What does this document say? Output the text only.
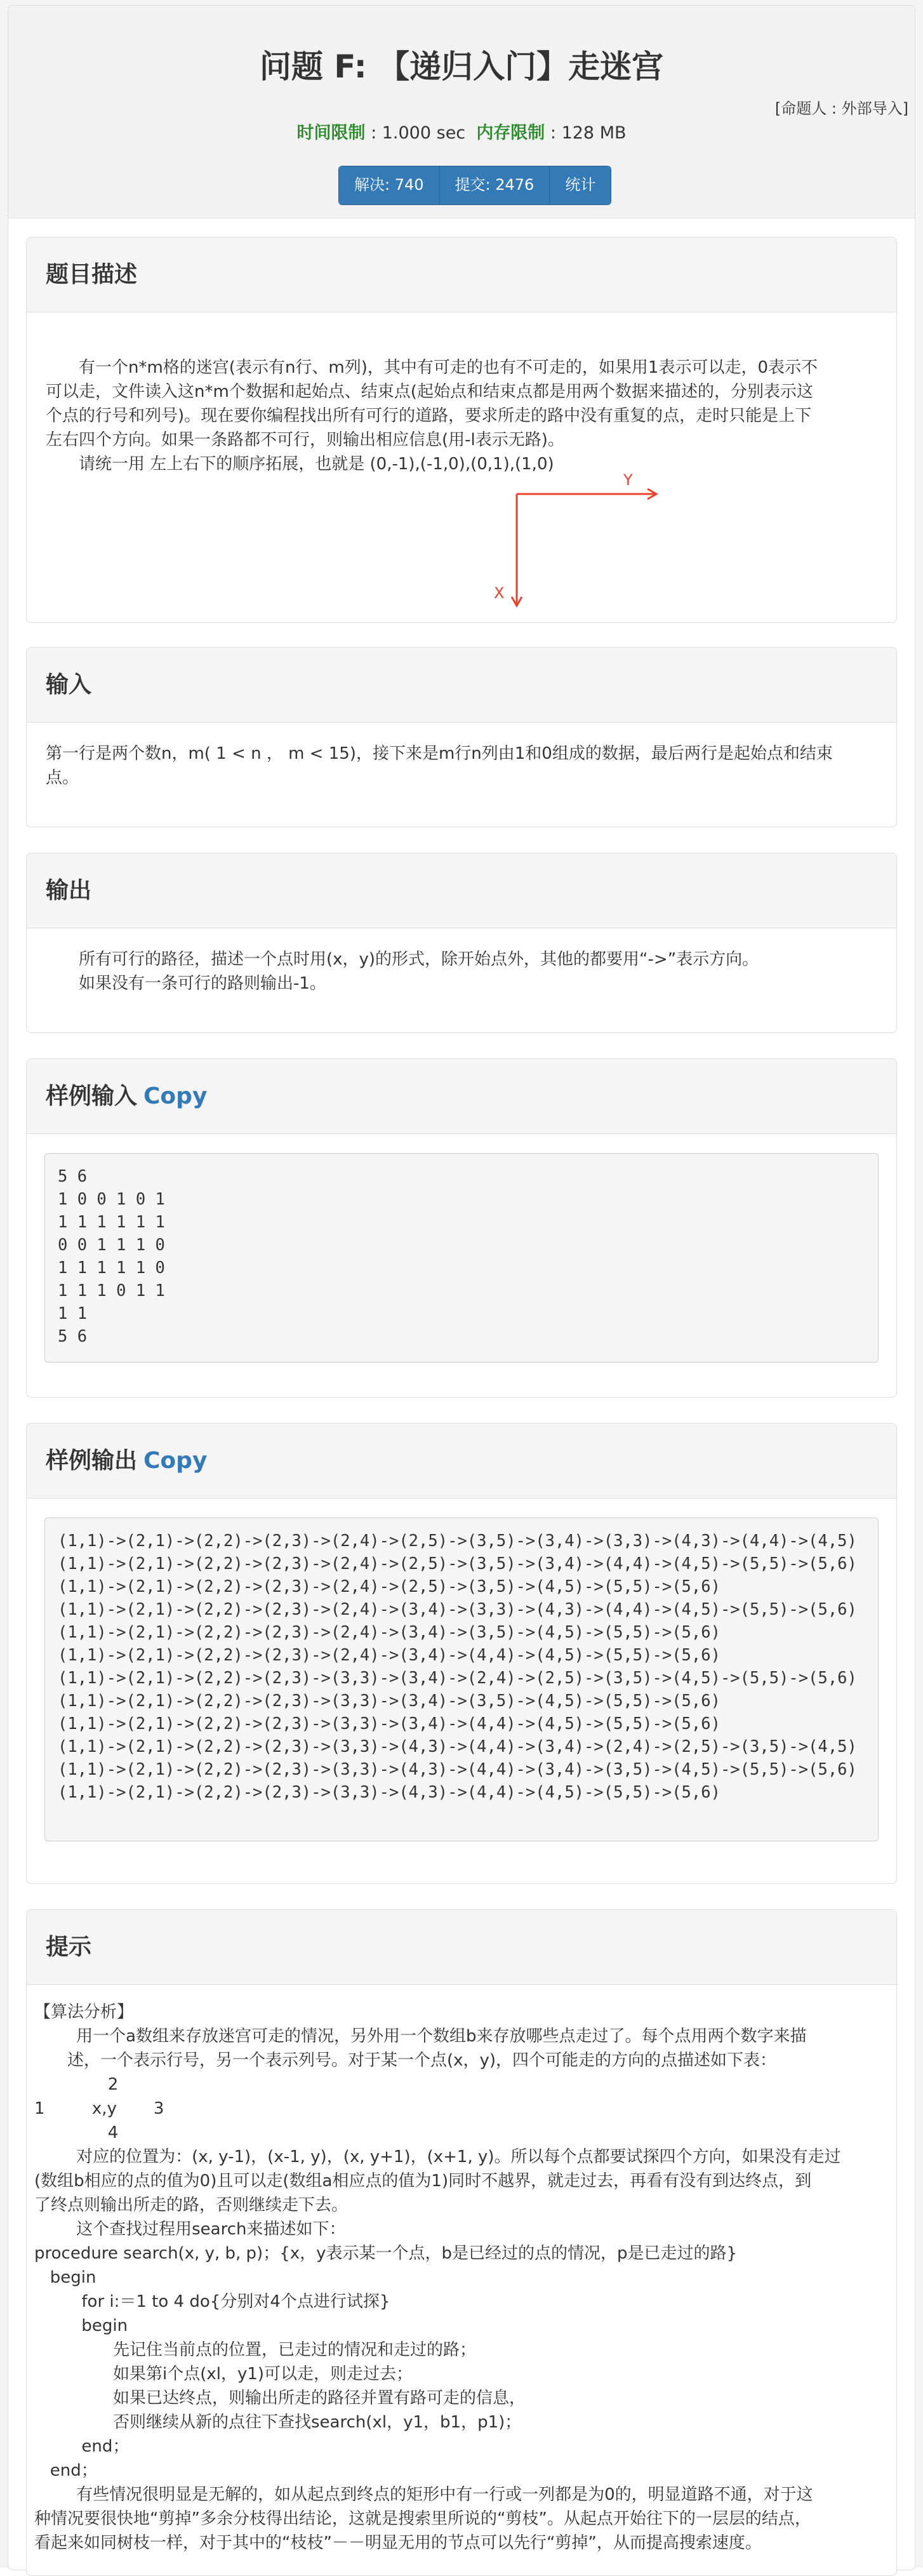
问题 F: 【递归入门】走迷宫
[命题人 : 外部导入]
时间限制 : 1.000 sec  内存限制 : 128 MB
解决: 740	提交: 2476	统计
题目描述
有一个n*m格的迷宫(表示有n行、m列)，其中有可走的也有不可走的，如果用1表示可以走，0表示不
可以走，文件读入这n*m个数据和起始点、结束点(起始点和结束点都是用两个数据来描述的，分别表示这
个点的行号和列号)。现在要你编程找出所有可行的道路，要求所走的路中没有重复的点，走时只能是上下
左右四个方向。如果一条路都不可行，则输出相应信息(用-l表示无路)。
请统一用 左上右下的顺序拓展，也就是 (0,-1),(-1,0),(0,1),(1,0)
Y
X
输入
第一行是两个数n，m( 1 < n ， m < 15)，接下来是m行n列由1和0组成的数据，最后两行是起始点和结束
点。
输出
所有可行的路径，描述一个点时用(x，y)的形式，除开始点外，其他的都要用“->”表示方向。
如果没有一条可行的路则输出-1。
样例输入 Copy
5 6
1 0 0 1 0 1
1 1 1 1 1 1
0 0 1 1 1 0
1 1 1 1 1 0
1 1 1 0 1 1
1 1
5 6
样例输出 Copy
(1,1)->(2,1)->(2,2)->(2,3)->(2,4)->(2,5)->(3,5)->(3,4)->(3,3)->(4,3)->(4,4)->(4,5)
(1,1)->(2,1)->(2,2)->(2,3)->(2,4)->(2,5)->(3,5)->(3,4)->(4,4)->(4,5)->(5,5)->(5,6)
(1,1)->(2,1)->(2,2)->(2,3)->(2,4)->(2,5)->(3,5)->(4,5)->(5,5)->(5,6)
(1,1)->(2,1)->(2,2)->(2,3)->(2,4)->(3,4)->(3,3)->(4,3)->(4,4)->(4,5)->(5,5)->(5,6)
(1,1)->(2,1)->(2,2)->(2,3)->(2,4)->(3,4)->(3,5)->(4,5)->(5,5)->(5,6)
(1,1)->(2,1)->(2,2)->(2,3)->(2,4)->(3,4)->(4,4)->(4,5)->(5,5)->(5,6)
(1,1)->(2,1)->(2,2)->(2,3)->(3,3)->(3,4)->(2,4)->(2,5)->(3,5)->(4,5)->(5,5)->(5,6)
(1,1)->(2,1)->(2,2)->(2,3)->(3,3)->(3,4)->(3,5)->(4,5)->(5,5)->(5,6)
(1,1)->(2,1)->(2,2)->(2,3)->(3,3)->(3,4)->(4,4)->(4,5)->(5,5)->(5,6)
(1,1)->(2,1)->(2,2)->(2,3)->(3,3)->(4,3)->(4,4)->(3,4)->(2,4)->(2,5)->(3,5)->(4,5)
(1,1)->(2,1)->(2,2)->(2,3)->(3,3)->(4,3)->(4,4)->(3,4)->(3,5)->(4,5)->(5,5)->(5,6)
(1,1)->(2,1)->(2,2)->(2,3)->(3,3)->(4,3)->(4,4)->(4,5)->(5,5)->(5,6)
提示
【算法分析】
用一个a数组来存放迷宫可走的情况，另外用一个数组b来存放哪些点走过了。每个点用两个数字来描
述，一个表示行号，另一个表示列号。对于某一个点(x，y)，四个可能走的方向的点描述如下表：
2
1         x,y       3
4
对应的位置为：(x, y-1)，(x-1, y)，(x, y+1)，(x+1, y)。所以每个点都要试探四个方向，如果没有走过
(数组b相应的点的值为0)且可以走(数组a相应点的值为1)同时不越界，就走过去，再看有没有到达终点，到
了终点则输出所走的路，否则继续走下去。
这个查找过程用search来描述如下：
procedure search(x, y, b, p)；{x，y表示某一个点，b是已经过的点的情况，p是已走过的路}
begin
for i:＝1 to 4 do{分别对4个点进行试探}
begin
先记住当前点的位置，已走过的情况和走过的路；
如果第i个点(xl，y1)可以走，则走过去；
如果已达终点，则输出所走的路径并置有路可走的信息，
否则继续从新的点往下查找search(xl，y1，b1，p1)；
end；
end；
有些情况很明显是无解的，如从起点到终点的矩形中有一行或一列都是为0的，明显道路不通，对于这
种情况要很快地“剪掉”多余分枝得出结论，这就是搜索里所说的“剪枝”。从起点开始往下的一层层的结点，
看起来如同树枝一样，对于其中的“枝枝”－－明显无用的节点可以先行“剪掉”，从而提高搜索速度。
